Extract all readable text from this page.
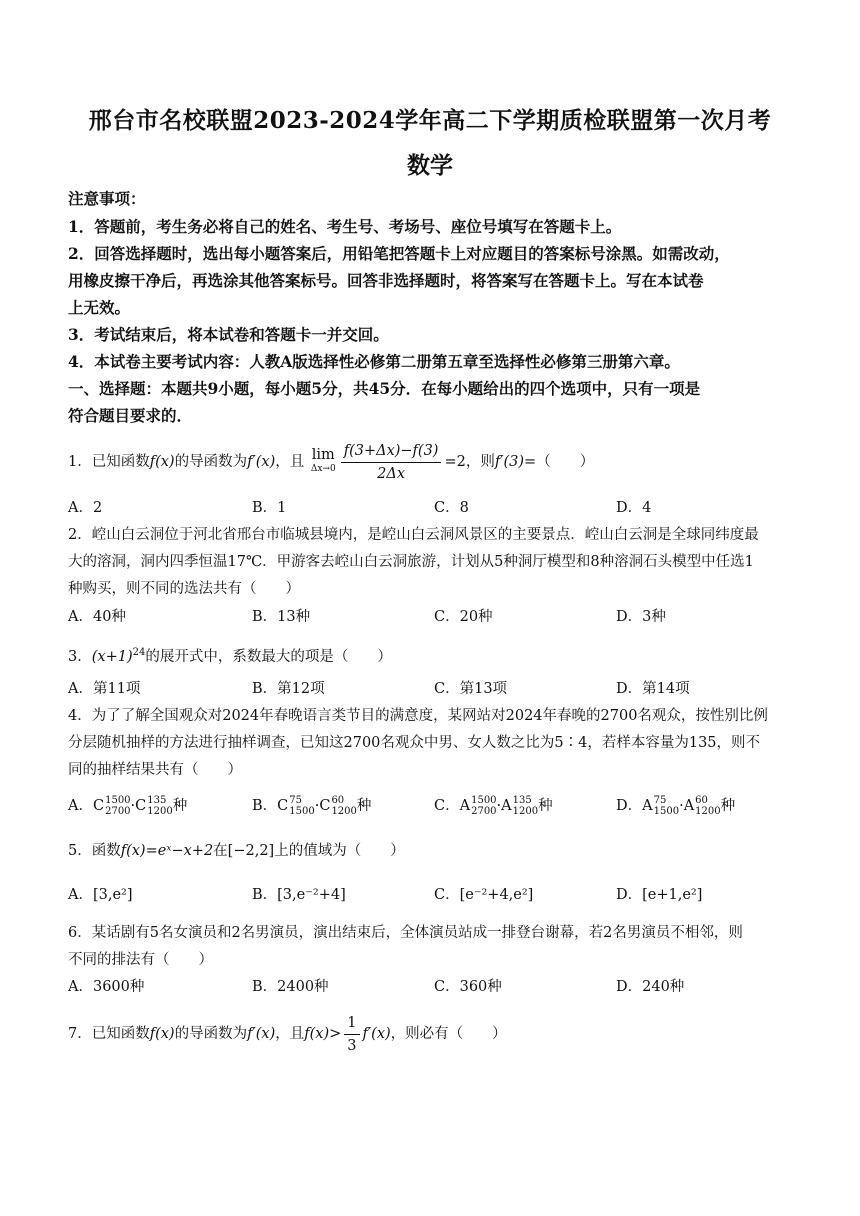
邢台市名校联盟2023-2024学年高二下学期质检联盟第一次月考
数学
注意事项：
1．答题前，考生务必将自己的姓名、考生号、考场号、座位号填写在答题卡上。
2．回答选择题时，选出每小题答案后，用铅笔把答题卡上对应题目的答案标号涂黑。如需改动，
用橡皮擦干净后，再选涂其他答案标号。回答非选择题时，将答案写在答题卡上。写在本试卷
上无效。
3．考试结束后，将本试卷和答题卡一并交回。
4．本试卷主要考试内容：人教A版选择性必修第二册第五章至选择性必修第三册第六章。
一、选择题：本题共9小题，每小题5分，共45分．在每小题给出的四个选项中，只有一项是
符合题目要求的．
1．已知函数f(x)的导函数为f′(x)，且 lim
$\Delta x\to 0 \frac{f(3+\Delta x)-f(3)}{2\Delta x} =2$，则f′(3)=（　　）
A．2	B．1	C．8	D．4
2．崆山白云洞位于河北省邢台市临城县境内，是崆山白云洞风景区的主要景点．崆山白云洞是全球同纬度最
大的溶洞，洞内四季恒温17℃．甲游客去崆山白云洞旅游，计划从5种洞厅模型和8种溶洞石头模型中任选1
种购买，则不同的选法共有（　　）
A．40种	B．13种	C．20种	D．3种
3．$(x+1)^{24}$的展开式中，系数最大的项是（　　）
A．第11项	B．第12项	C．第13项	D．第14项
4．为了了解全国观众对2024年春晚语言类节目的满意度，某网站对2024年春晚的2700名观众，按性别比例
分层随机抽样的方法进行抽样调查，已知这2700名观众中男、女人数之比为5∶4，若样本容量为135，则不
同的抽样结果共有（　　）
A．C 1500
2700 ·C 135
1200 种	B．C 75
1500 ·C 60
1200 种	C．A 1500
2700 ·A 135
1200 种	D．A 75
1500 ·A 60
1200 种
5．函数f(x)=eˣ−x+2在[−2,2]上的值域为（　　）
A．[3,e²]	B．[3,e⁻²+4]	C．[e⁻²+4,e²]	D．[e+1,e²]
6．某话剧有5名女演员和2名男演员，演出结束后，全体演员站成一排登台谢幕，若2名男演员不相邻，则
不同的排法有（　　）
A．3600种	B．2400种	C．360种	D．240种
7．已知函数f(x)的导函数为f′(x)，且$f(x)> \frac{1}{3} f'(x)$，则必有（　　）
